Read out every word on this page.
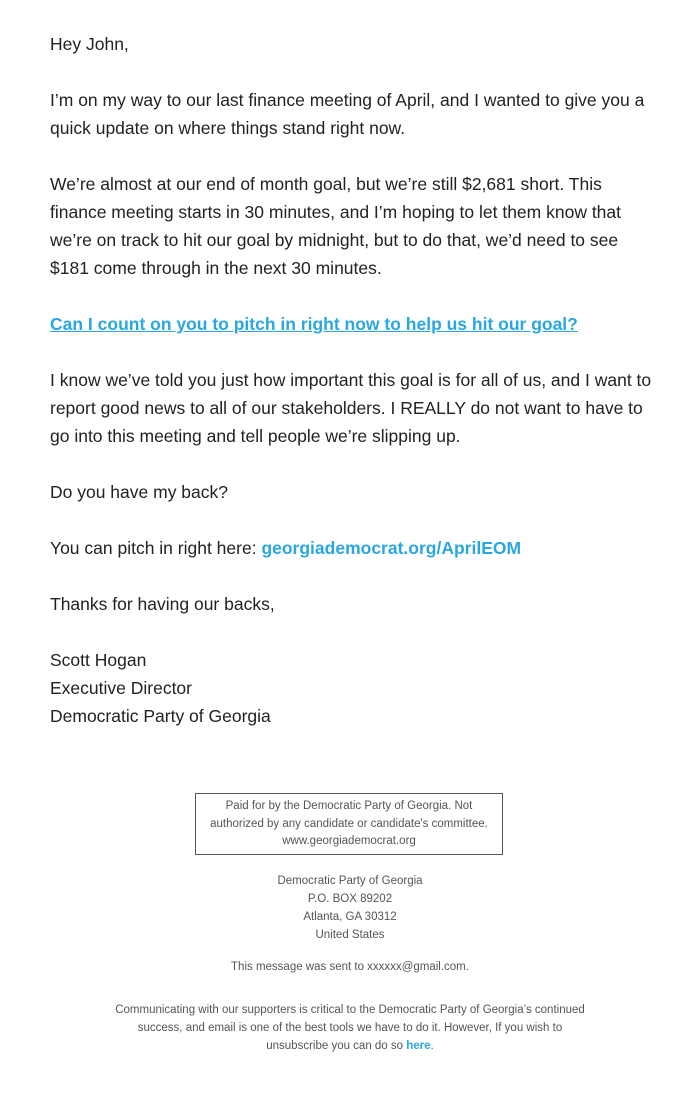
Hey John,

I’m on my way to our last finance meeting of April, and I wanted to give you a quick update on where things stand right now.

We’re almost at our end of month goal, but we’re still $2,681 short. This finance meeting starts in 30 minutes, and I’m hoping to let them know that we’re on track to hit our goal by midnight, but to do that, we’d need to see $181 come through in the next 30 minutes.

Can I count on you to pitch in right now to help us hit our goal?

I know we’ve told you just how important this goal is for all of us, and I want to report good news to all of our stakeholders. I REALLY do not want to have to go into this meeting and tell people we’re slipping up.

Do you have my back?

You can pitch in right here: georgiademocrat.org/AprilEOM

Thanks for having our backs,

Scott Hogan

Executive Director

Democratic Party of Georgia

Paid for by the Democratic Party of Georgia. Not
authorized by any candidate or candidate's committee.
www.georgiademocrat.org
Democratic Party of Georgia
P.O. BOX 89202
Atlanta, GA 30312
United States
This message was sent to xxxxxx@gmail.com.
Communicating with our supporters is critical to the Democratic Party of Georgia’s continued
success, and email is one of the best tools we have to do it. However, If you wish to
unsubscribe you can do so here.
